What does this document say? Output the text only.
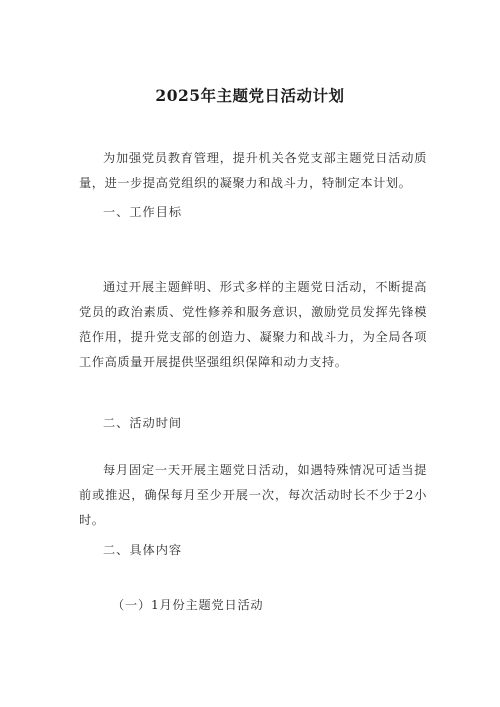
2025年主题党日活动计划
为加强党员教育管理，提升机关各党支部主题党日活动质量，进一步提高党组织的凝聚力和战斗力，特制定本计划。
一、工作目标
通过开展主题鲜明、形式多样的主题党日活动，不断提高党员的政治素质、党性修养和服务意识，激励党员发挥先锋模范作用，提升党支部的创造力、凝聚力和战斗力，为全局各项工作高质量开展提供坚强组织保障和动力支持。
二、活动时间
每月固定一天开展主题党日活动，如遇特殊情况可适当提前或推迟，确保每月至少开展一次，每次活动时长不少于2小时。
二、具体内容
（一）1月份主题党日活动
